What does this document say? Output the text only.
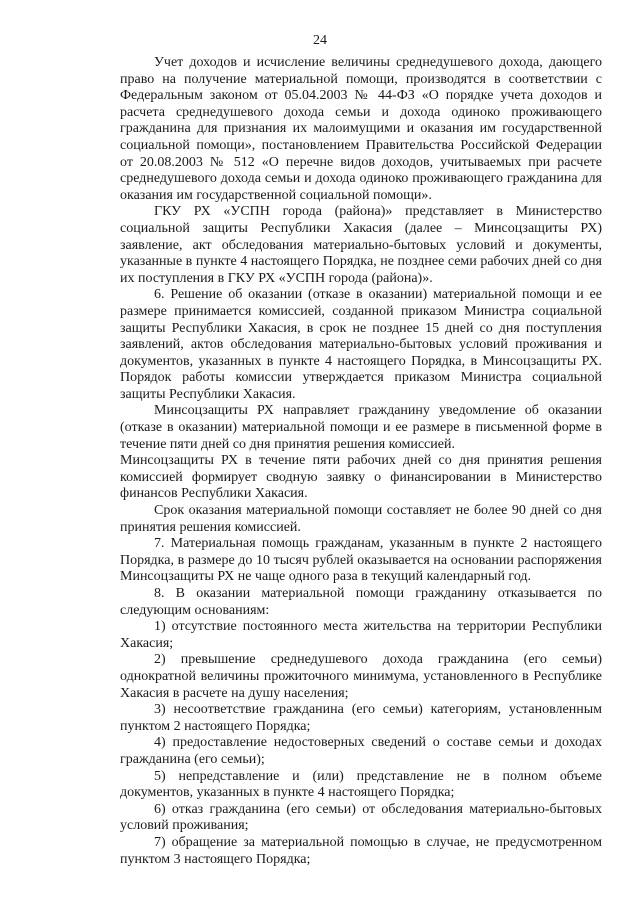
24

Учет доходов и исчисление величины среднедушевого дохода, дающего право на получение материальной помощи, производятся в соответствии с Федеральным законом от 05.04.2003 № 44-ФЗ «О порядке учета доходов и расчета среднедушевого дохода семьи и дохода одиноко проживающего гражданина для признания их малоимущими и оказания им государственной социальной помощи», постановлением Правительства Российской Федерации от 20.08.2003 № 512 «О перечне видов доходов, учитываемых при расчете среднедушевого дохода семьи и дохода одиноко проживающего гражданина для оказания им государственной социальной помощи».

ГКУ РХ «УСПН города (района)» представляет в Министерство социальной защиты Республики Хакасия (далее – Минсоцзащиты РХ) заявление, акт обследования материально-бытовых условий и документы, указанные в пункте 4 настоящего Порядка, не позднее семи рабочих дней со дня их поступления в ГКУ РХ «УСПН города (района)».

6. Решение об оказании (отказе в оказании) материальной помощи и ее размере принимается комиссией, созданной приказом Министра социальной защиты Республики Хакасия, в срок не позднее 15 дней со дня поступления заявлений, актов обследования материально-бытовых условий проживания и документов, указанных в пункте 4 настоящего Порядка, в Минсоцзащиты РХ. Порядок работы комиссии утверждается приказом Министра социальной защиты Республики Хакасия.

Минсоцзащиты РХ направляет гражданину уведомление об оказании (отказе в оказании) материальной помощи и ее размере в письменной форме в течение пяти дней со дня принятия решения комиссией.

Минсоцзащиты РХ в течение пяти рабочих дней со дня принятия решения комиссией формирует сводную заявку о финансировании в Министерство финансов Республики Хакасия.

Срок оказания материальной помощи составляет не более 90 дней со дня принятия решения комиссией.

7. Материальная помощь гражданам, указанным в пункте 2 настоящего Порядка, в размере до 10 тысяч рублей оказывается на основании распоряжения Минсоцзащиты РХ не чаще одного раза в текущий календарный год.

8. В оказании материальной помощи гражданину отказывается по следующим основаниям:

1) отсутствие постоянного места жительства на территории Республики Хакасия;

2) превышение среднедушевого дохода гражданина (его семьи) однократной величины прожиточного минимума, установленного в Республике Хакасия в расчете на душу населения;

3) несоответствие гражданина (его семьи) категориям, установленным пунктом 2 настоящего Порядка;

4) предоставление недостоверных сведений о составе семьи и доходах гражданина (его семьи);

5) непредставление и (или) представление не в полном объеме документов, указанных в пункте 4 настоящего Порядка;

6) отказ гражданина (его семьи) от обследования материально-бытовых условий проживания;

7) обращение за материальной помощью в случае, не предусмотренном пунктом 3 настоящего Порядка;
